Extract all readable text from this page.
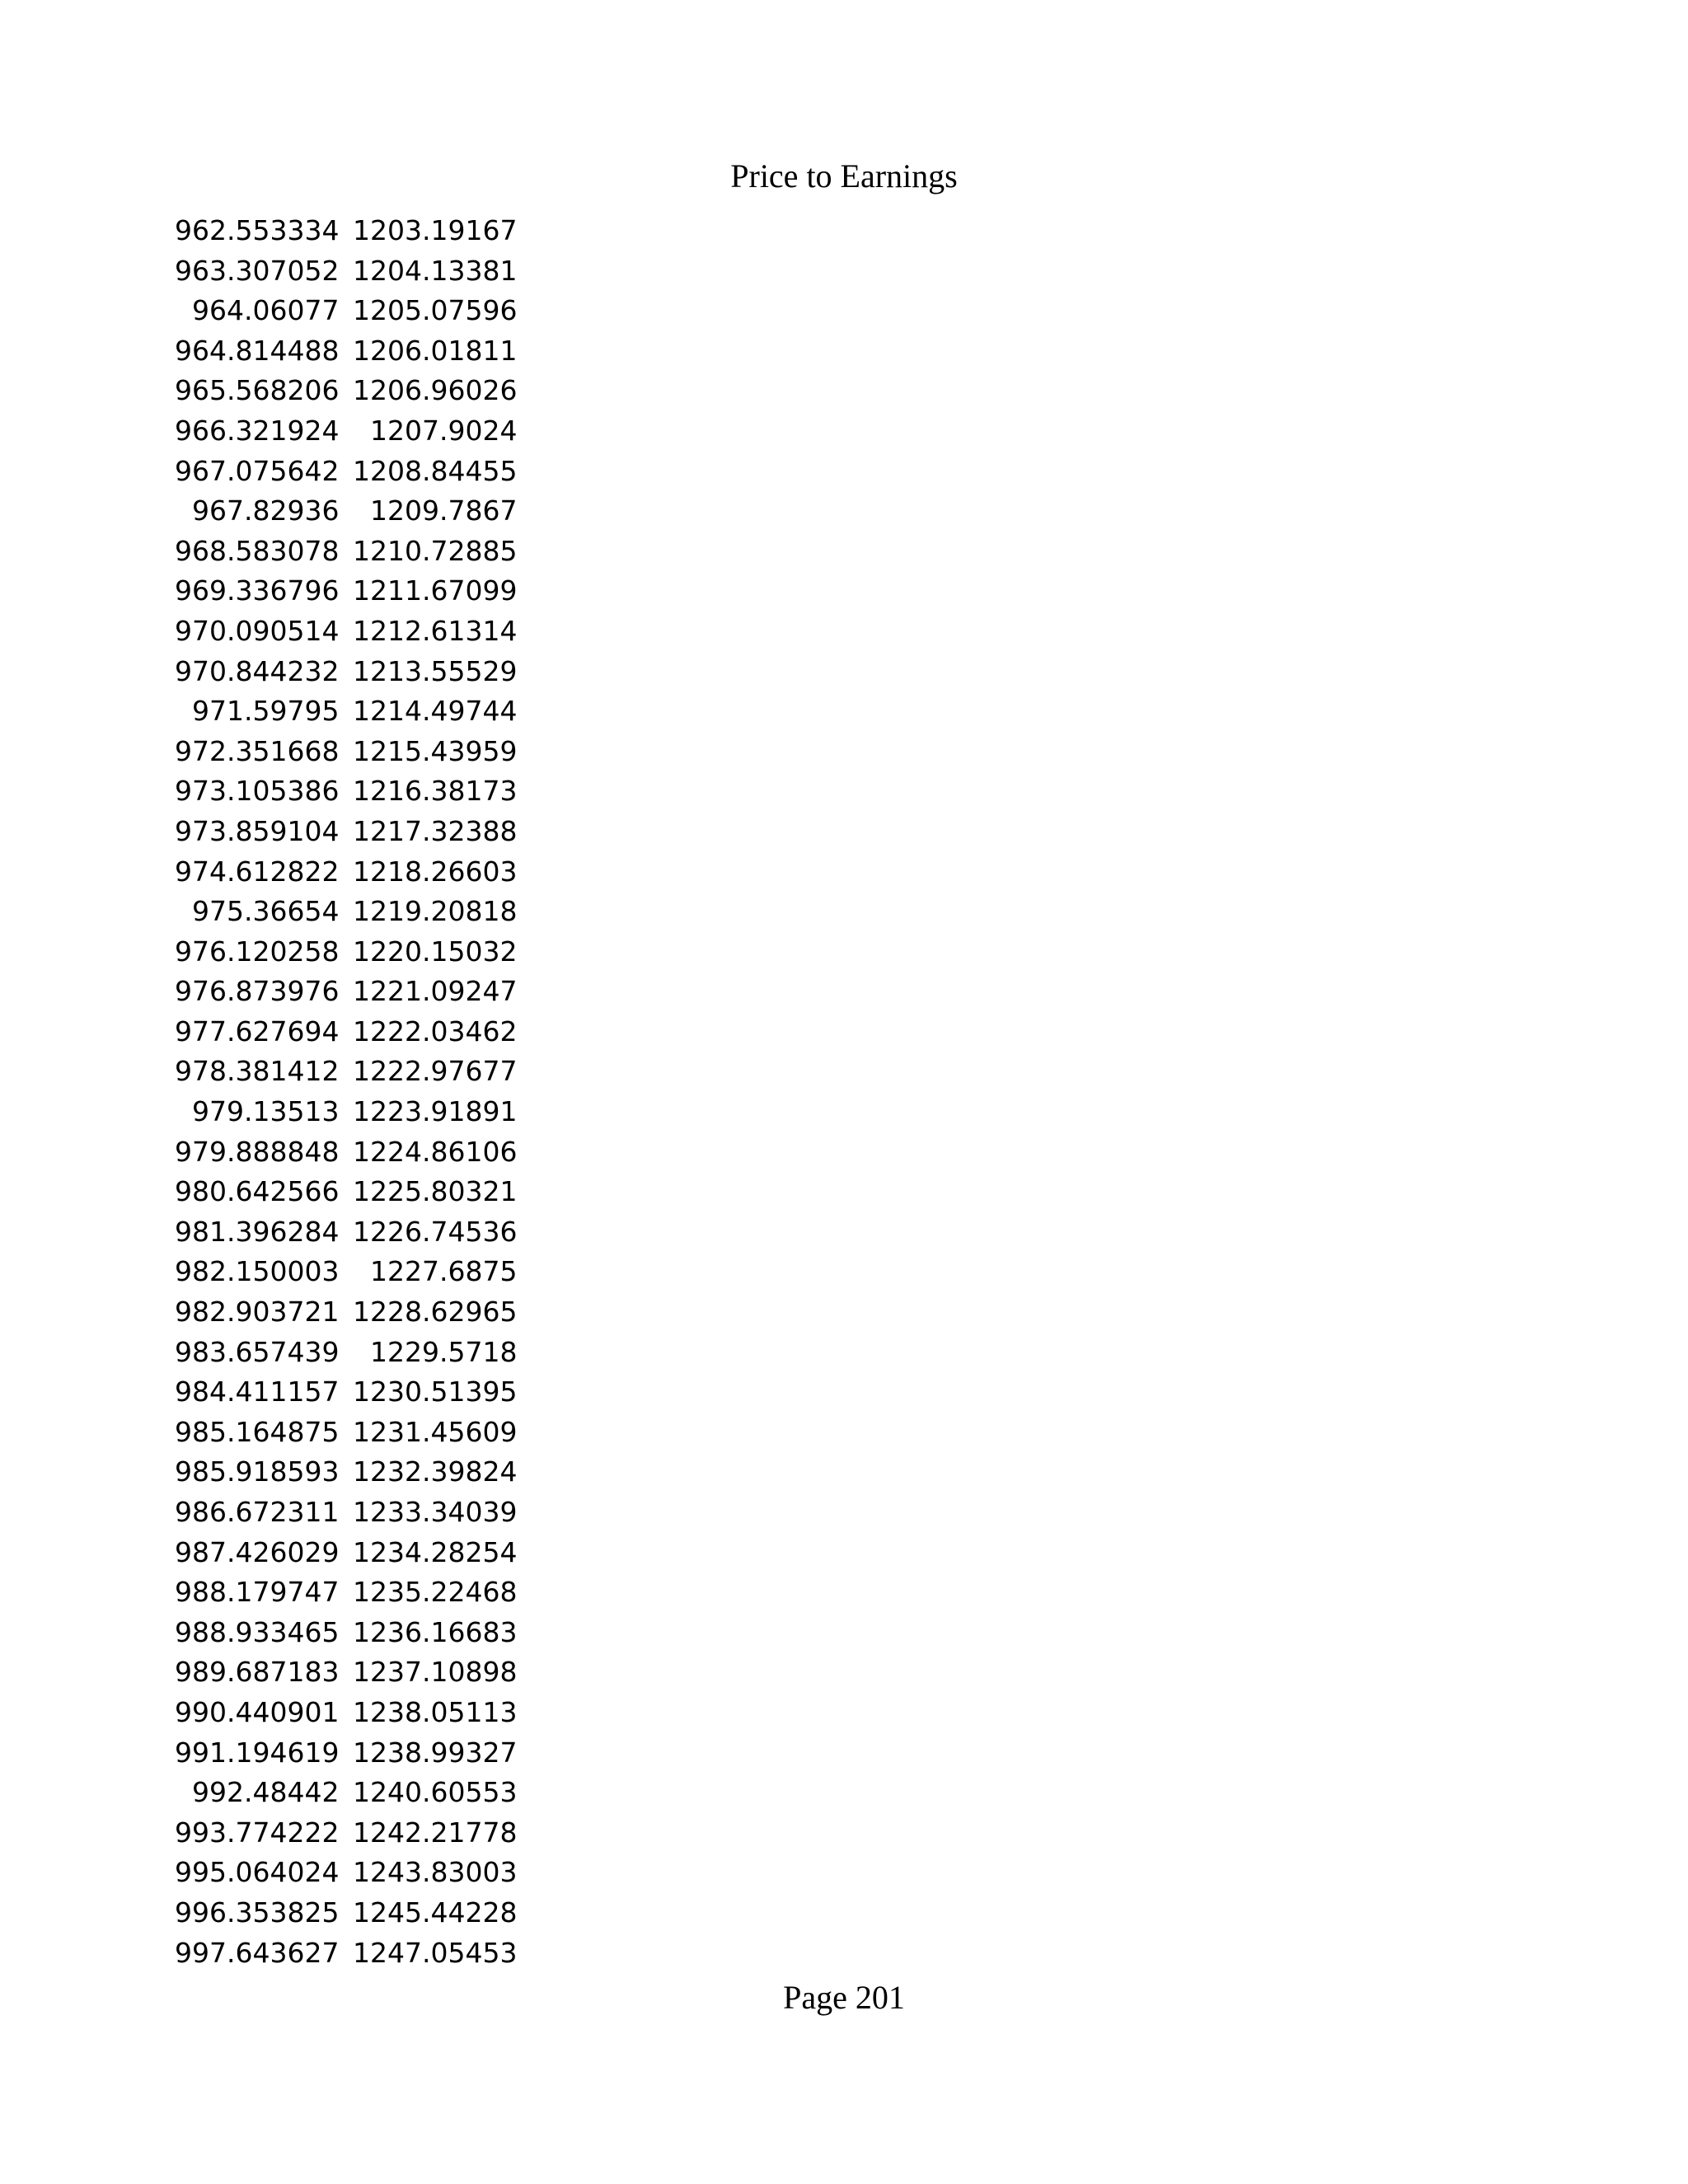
Price to Earnings
962.553334	1203.19167
963.307052	1204.13381
964.06077	1205.07596
964.814488	1206.01811
965.568206	1206.96026
966.321924	1207.9024
967.075642	1208.84455
967.82936	1209.7867
968.583078	1210.72885
969.336796	1211.67099
970.090514	1212.61314
970.844232	1213.55529
971.59795	1214.49744
972.351668	1215.43959
973.105386	1216.38173
973.859104	1217.32388
974.612822	1218.26603
975.36654	1219.20818
976.120258	1220.15032
976.873976	1221.09247
977.627694	1222.03462
978.381412	1222.97677
979.13513	1223.91891
979.888848	1224.86106
980.642566	1225.80321
981.396284	1226.74536
982.150003	1227.6875
982.903721	1228.62965
983.657439	1229.5718
984.411157	1230.51395
985.164875	1231.45609
985.918593	1232.39824
986.672311	1233.34039
987.426029	1234.28254
988.179747	1235.22468
988.933465	1236.16683
989.687183	1237.10898
990.440901	1238.05113
991.194619	1238.99327
992.48442	1240.60553
993.774222	1242.21778
995.064024	1243.83003
996.353825	1245.44228
997.643627	1247.05453
Page 201
